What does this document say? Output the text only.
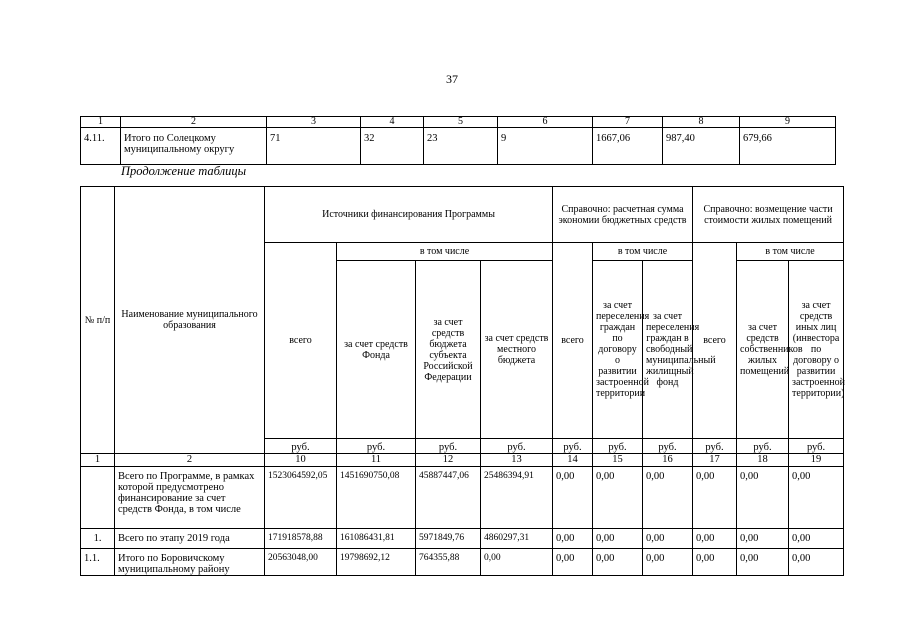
37
1	2	3	4	5	6	7	8	9
4.11.	Итого по Солецкому муниципальному округу	71	32	23	9	1667,06	987,40	679,66
Продолжение таблицы
№ п/п	Наименование муниципального образования	Источники финансирования Программы				Справочно: расчетная сумма экономии бюджетных средств			Справочно: возмещение части стоимости жилых помещений		
		всего	в том числе			всего	в том числе		всего	в том числе	
			за счет средств Фонда	за счет средств бюджета субъекта Российской Федерации	за счет средств местного бюджета		за счет переселения граждан по договору о развитии застроенной территории	за счет переселения граждан в свободный муниципальный жилищный фонд		за счет средств собственников жилых помещений	за счет средств иных лиц (инвестора по договору о развитии застроенной территории)
		руб.	руб.	руб.	руб.	руб.	руб.	руб.	руб.	руб.	руб.
1	2	10	11	12	13	14	15	16	17	18	19
	Всего по Программе, в рамках которой предусмотрено финансирование за счет средств Фонда, в том числе	1523064592,05	1451690750,08	45887447,06	25486394,91	0,00	0,00	0,00	0,00	0,00	0,00
1.	Всего по этапу 2019 года	171918578,88	161086431,81	5971849,76	4860297,31	0,00	0,00	0,00	0,00	0,00	0,00
1.1.	Итого по Боровичскому муниципальному району	20563048,00	19798692,12	764355,88	0,00	0,00	0,00	0,00	0,00	0,00	0,00
